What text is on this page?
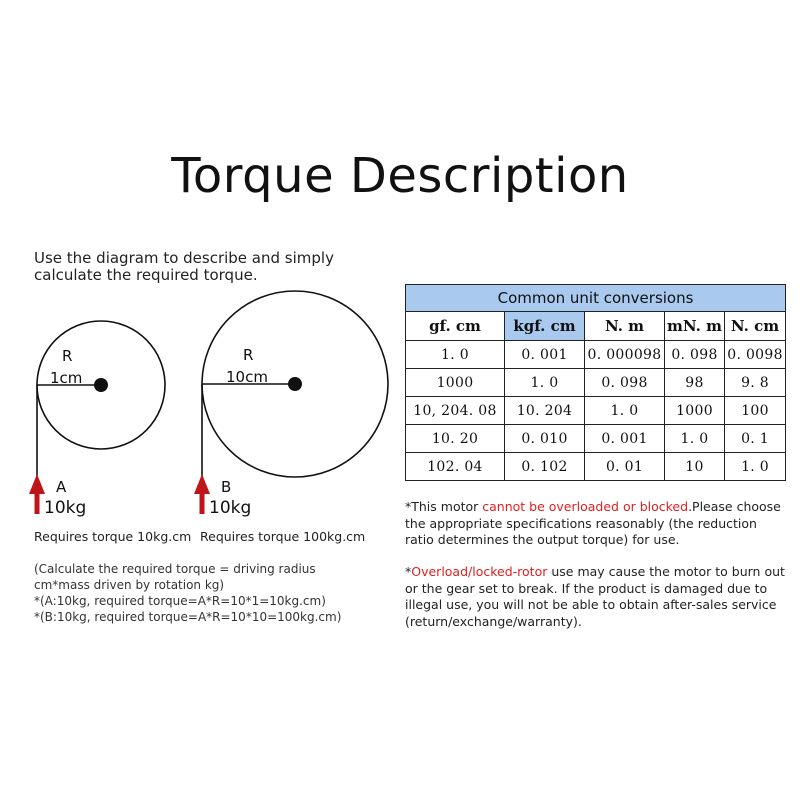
Torque Description
Use the diagram to describe and simply calculate the required torque.
R
1cm
A
10kg
R
10cm
B
10kg
Requires torque 10kg.cm Requires torque 100kg.cm
(Calculate the required torque = driving radius
cm*mass driven by rotation kg)
*(A:10kg, required torque=A*R=10*1=10kg.cm)
*(B:10kg, required torque=A*R=10*10=100kg.cm)
Common unit conversions				
gf. cm	kgf. cm	N. m	mN. m	N. cm
1. 0	0. 001	0. 000098	0. 098	0. 0098
1000	1. 0	0. 098	98	9. 8
10, 204. 08	10. 204	1. 0	1000	100
10. 20	0. 010	0. 001	1. 0	0. 1
102. 04	0. 102	0. 01	10	1. 0
*This motor cannot be overloaded or blocked.Please choose the appropriate specifications reasonably (the reduction ratio determines the output torque) for use.
*Overload/locked-rotor use may cause the motor to burn out or the gear set to break. If the product is damaged due to illegal use, you will not be able to obtain after-sales service (return/exchange/warranty).
